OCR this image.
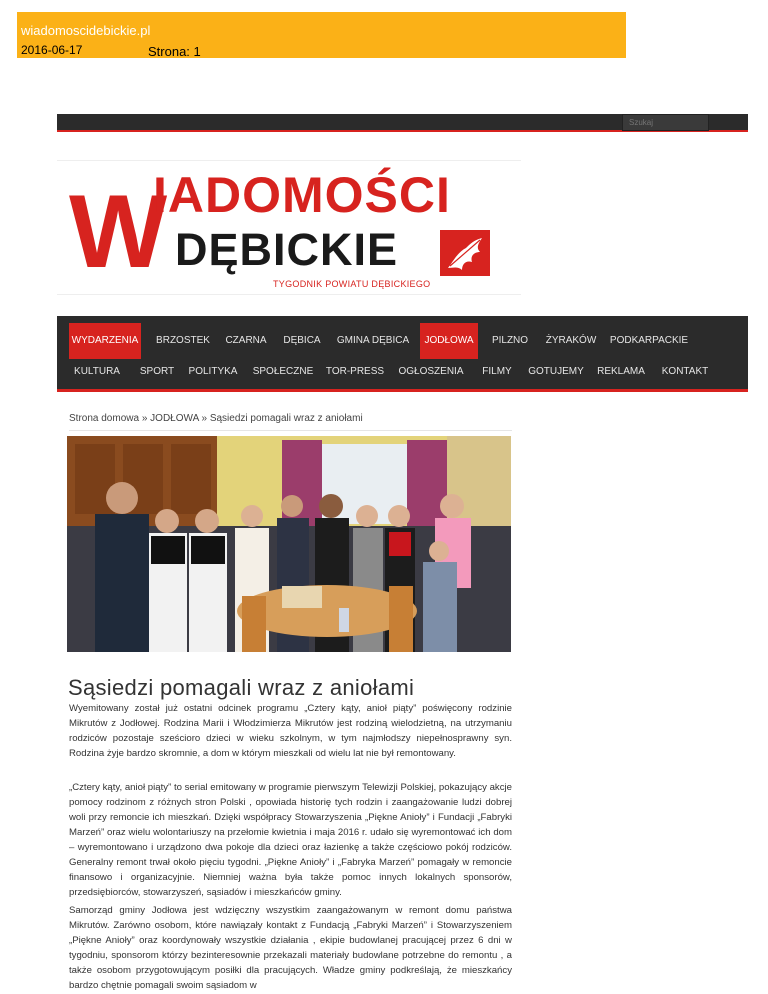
wiadomoscidebickie.pl
2016-06-17	Strona: 1
Szukaj
W
IADOMOŚCI
DĘBICKIE
TYGODNIK POWIATU DĘBICKIEGO
WYDARZENIA	BRZOSTEK	CZARNA	DĘBICA	GMINA DĘBICA	JODŁOWA	PILZNO	ŻYRAKÓW	PODKARPACKIE
KULTURA	SPORT	POLITYKA	SPOŁECZNE TOR-PRESS OGŁOSZENIA	FILMY	GOTUJEMY	REKLAMA	KONTAKT
Strona domowa » JODŁOWA » Sąsiedzi pomagali wraz z aniołami
Sąsiedzi pomagali wraz z aniołami

Wyemitowany został już ostatni odcinek programu „Cztery kąty, anioł piąty” poświęcony rodzinie Mikrutów z Jodłowej. Rodzina Marii i Włodzimierza Mikrutów jest rodziną wielodzietną, na utrzymaniu rodziców pozostaje sześcioro dzieci w wieku szkolnym, w tym najmłodszy niepełnosprawny syn. Rodzina żyje bardzo skromnie, a dom w którym mieszkali od wielu lat nie był remontowany.

„Cztery kąty, anioł piąty” to serial emitowany w programie pierwszym Telewizji Polskiej, pokazujący akcje pomocy rodzinom z różnych stron Polski , opowiada historię tych rodzin i zaangażowanie ludzi dobrej woli przy remoncie ich mieszkań. Dzięki współpracy Stowarzyszenia „Piękne Anioły” i Fundacji „Fabryki Marzeń” oraz wielu wolontariuszy na przełomie kwietnia i maja 2016 r. udało się wyremontować ich dom – wyremontowano i urządzono dwa pokoje dla dzieci oraz łazienkę a także częściowo pokój rodziców. Generalny remont trwał około pięciu tygodni. „Piękne Anioły” i „Fabryka Marzeń” pomagały w remoncie finansowo i organizacyjnie. Niemniej ważna była także pomoc innych lokalnych sponsorów, przedsiębiorców, stowarzyszeń, sąsiadów i mieszkańców gminy.

Samorząd gminy Jodłowa jest wdzięczny wszystkim zaangażowanym w remont domu państwa Mikrutów. Zarówno osobom, które nawiązały kontakt z Fundacją „Fabryki Marzeń” i Stowarzyszeniem „Piękne Anioły” oraz koordynowały wszystkie działania , ekipie budowlanej pracującej przez 6 dni w tygodniu, sponsorom którzy bezinteresownie przekazali materiały budowlane potrzebne do remontu , a także osobom przygotowującym posiłki dla pracujących. Władze gminy podkreślają, że mieszkańcy bardzo chętnie pomagali swoim sąsiadom w
